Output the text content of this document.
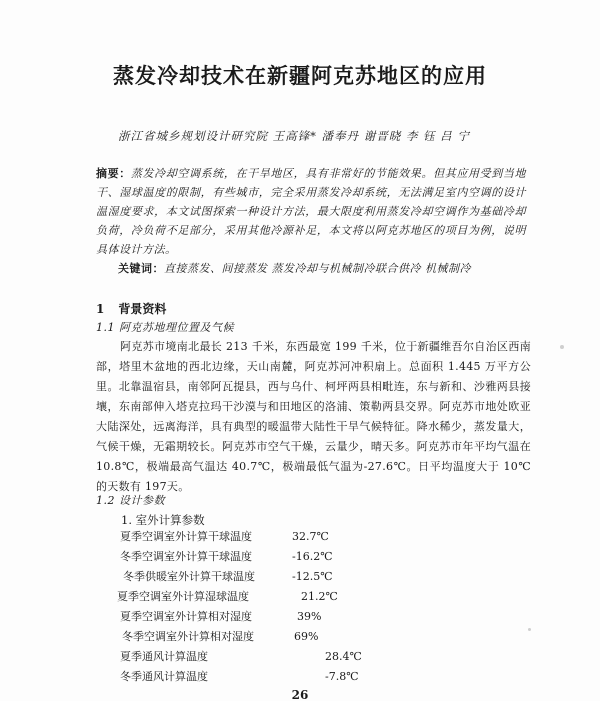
蒸发冷却技术在新疆阿克苏地区的应用
浙江省城乡规划设计研究院 王高锋* 潘奉丹 谢晋晓 李 钰 吕 宁
摘要：蒸发冷却空调系统，在干旱地区，具有非常好的节能效果。但其应用受到当地干、湿球温度的限制，有些城市，完全采用蒸发冷却系统，无法满足室内空调的设计温湿度要求，本文试图探索一种设计方法，最大限度利用蒸发冷却空调作为基础冷却负荷，冷负荷不足部分，采用其他冷源补足，本文将以阿克苏地区的项目为例，说明具体设计方法。
关键词：直接蒸发、间接蒸发 蒸发冷却与机械制冷联合供冷 机械制冷
1 背景资料
1.1 阿克苏地理位置及气候
阿克苏市境南北最长 213 千米，东西最宽 199 千米，位于新疆维吾尔自治区西南部，塔里木盆地的西北边缘，天山南麓，阿克苏河冲积扇上。总面积 1.445 万平方公里。北靠温宿县，南邻阿瓦提县，西与乌什、柯坪两县相毗连，东与新和、沙雅两县接壤，东南部伸入塔克拉玛干沙漠与和田地区的洛浦、策勒两县交界。阿克苏市地处欧亚大陆深处，远离海洋，具有典型的暖温带大陆性干旱气候特征。降水稀少，蒸发量大，气候干燥，无霜期较长。阿克苏市空气干燥，云量少，晴天多。阿克苏市年平均气温在 10.8℃，极端最高气温达 40.7℃，极端最低气温为-27.6℃。日平均温度大于 10℃的天数有 197天。
1.2 设计参数
1. 室外计算参数
夏季空调室外计算干球温度	32.7℃
冬季空调室外计算干球温度	-16.2℃
冬季供暖室外计算干球温度	-12.5℃
夏季空调室外计算湿球温度	21.2℃
夏季空调室外计算相对湿度	39%
冬季空调室外计算相对湿度	69%
夏季通风计算温度	28.4℃
冬季通风计算温度	-7.8℃
26
